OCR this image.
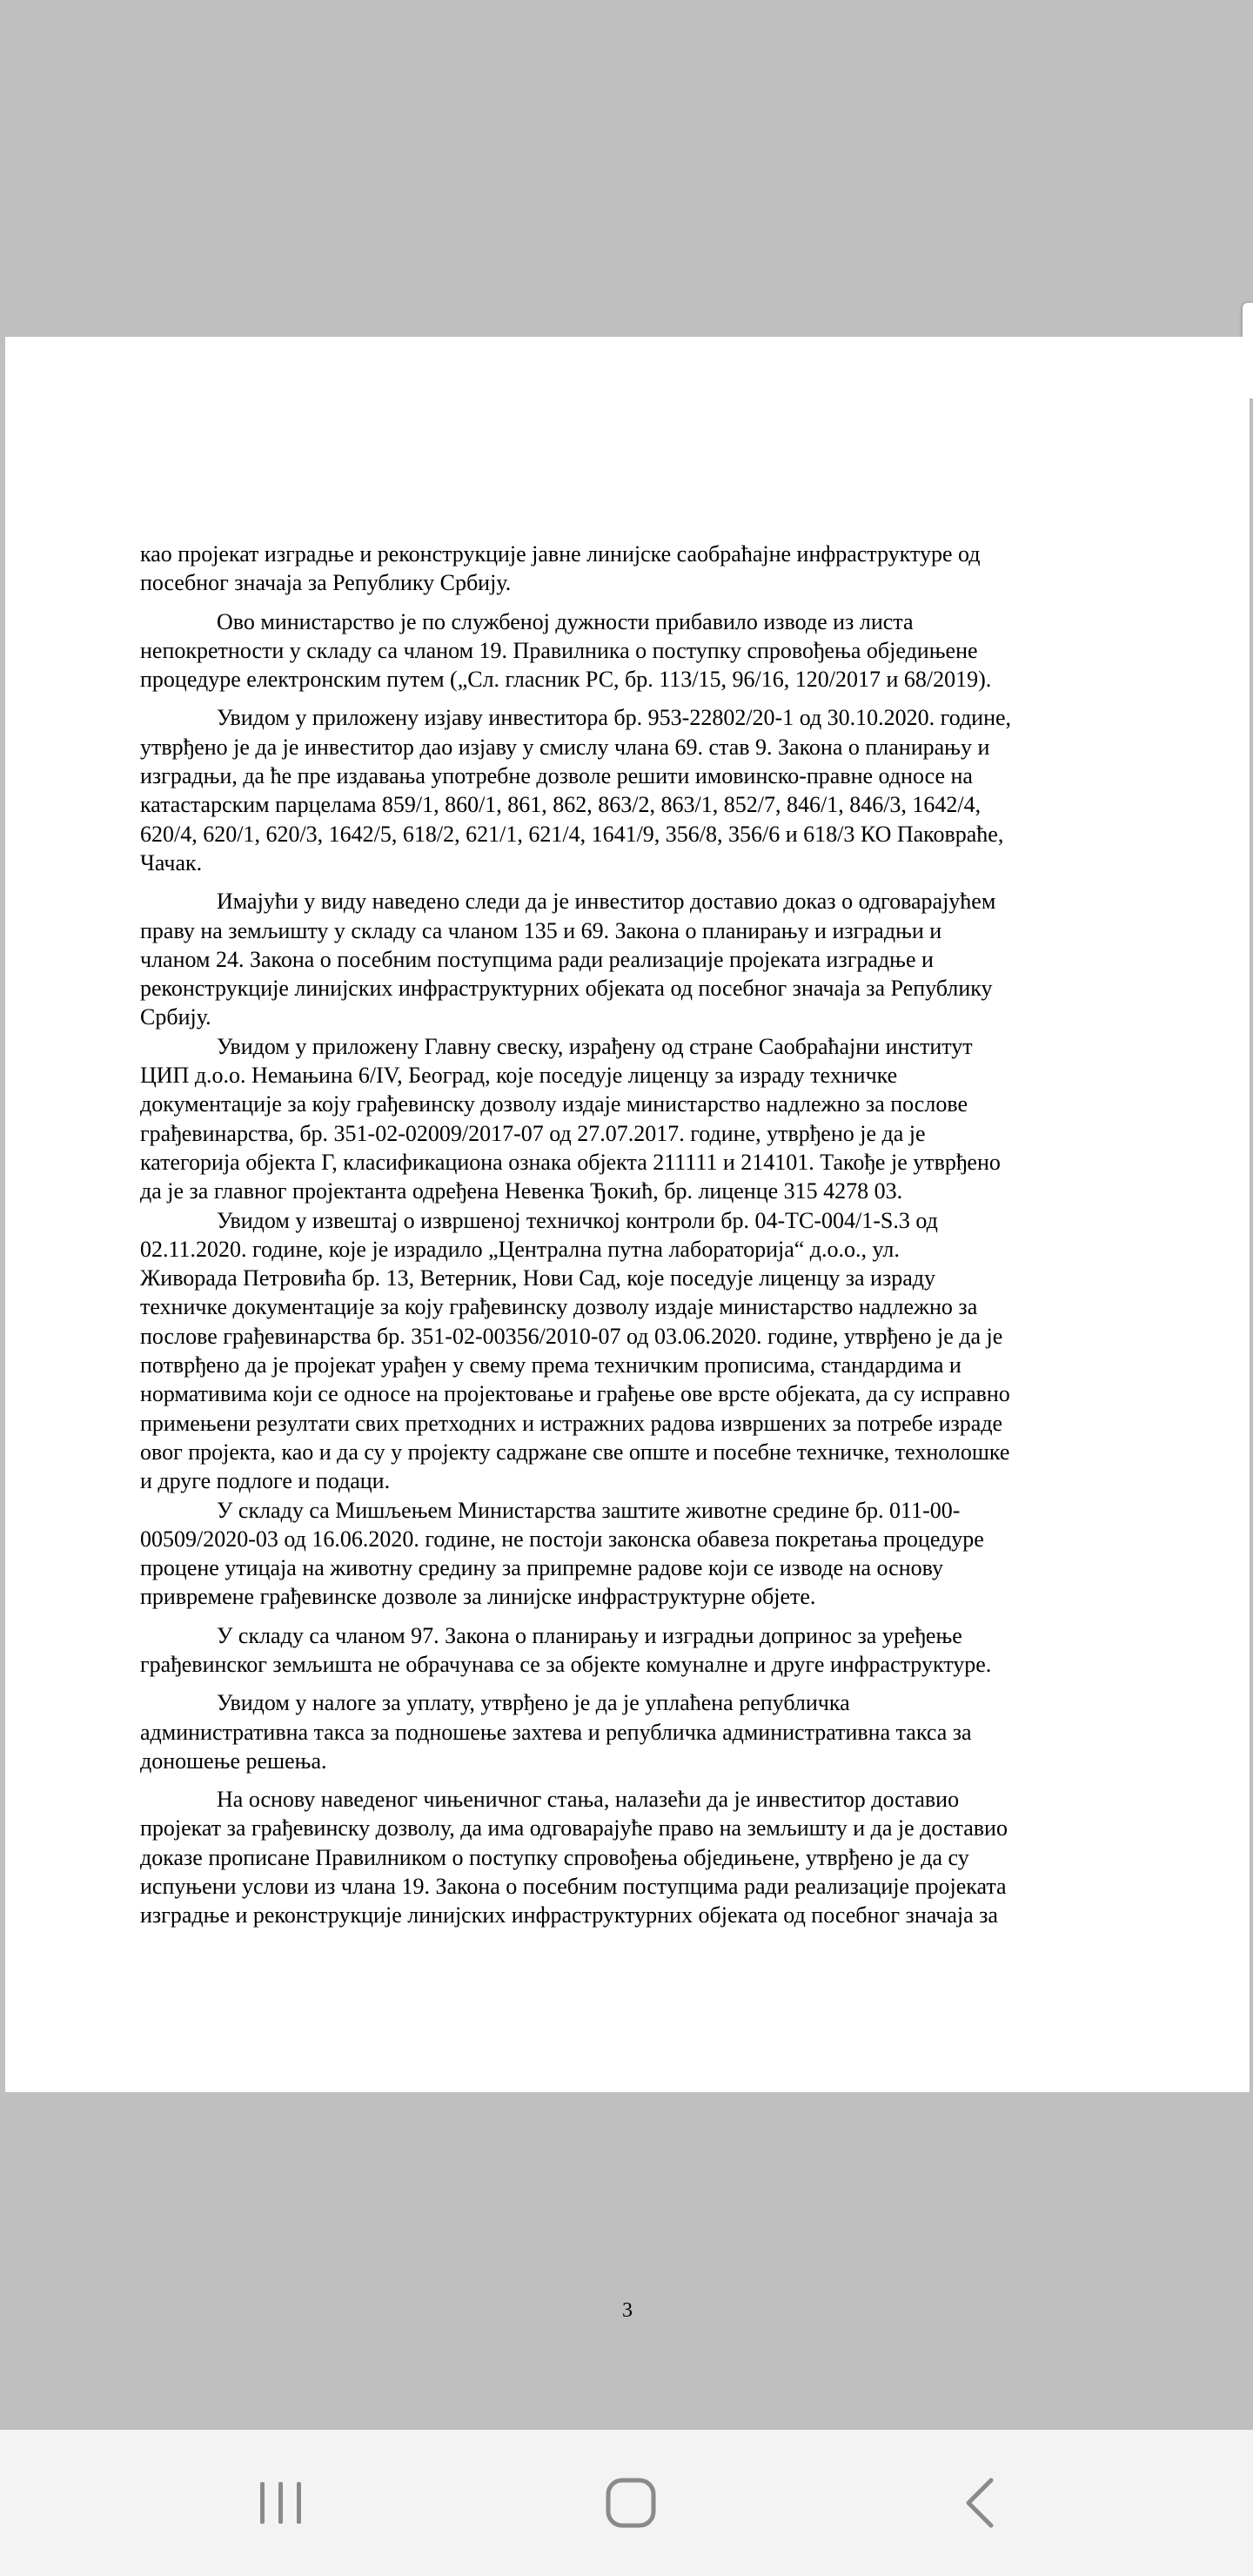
3

као пројекат изградње и реконструкције јавне линијске саобраћајне инфраструктуре од
посебног значаја за Републику Србију.

Ово министарство је по службеној дужности прибавило изводе из листа
непокретности у складу са чланом 19. Правилника о поступку спровођења обједињене
процедуре електронским путем („Сл. гласник РС, бр. 113/15, 96/16, 120/2017 и 68/2019).

Увидом у приложену изјаву инвеститора бр. 953-22802/20-1 од 30.10.2020. године,
утврђено је да је инвеститор дао изјаву у смислу члана 69. став 9. Закона о планирању и
изградњи, да ће пре издавања употребне дозволе решити имовинско-правне односе на
катастарским парцелама 859/1, 860/1, 861, 862, 863/2, 863/1, 852/7, 846/1, 846/3, 1642/4,
620/4, 620/1, 620/3, 1642/5, 618/2, 621/1, 621/4, 1641/9, 356/8, 356/6 и 618/3 КО Паковраће,
Чачак.

Имајући у виду наведено следи да је инвеститор доставио доказ о одговарајућем
праву на земљишту у складу са чланом 135 и 69. Закона о планирању и изградњи и
чланом 24. Закона о посебним поступцима ради реализације пројеката изградње и
реконструкције линијских инфраструктурних објеката од посебног значаја за Републику
Србију.

Увидом у приложену Главну свеску, израђену од стране Саобраћајни институт
ЦИП д.о.о. Немањина 6/IV, Београд, које поседује лиценцу за израду техничке
документације за коју грађевинску дозволу издаје министарство надлежно за послове
грађевинарства, бр. 351-02-02009/2017-07 од 27.07.2017. године, утврђено је да је
категорија објекта Г, класификациона ознака објекта 211111 и 214101. Такође је утврђено
да је за главног пројектанта одређена Невенка Ђокић, бр. лиценце 315 4278 03.

Увидом у извештај о извршеној техничкој контроли бр. 04-ТС-004/1-S.3 од
02.11.2020. године, које је израдило „Централна путна лабораторија“ д.о.о., ул.
Живорада Петровића бр. 13, Ветерник, Нови Сад, које поседује лиценцу за израду
техничке документације за коју грађевинску дозволу издаје министарство надлежно за
послове грађевинарства бр. 351-02-00356/2010-07 од 03.06.2020. године, утврђено је да је
потврђено да је пројекат урађен у свему према техничким прописима, стандардима и
нормативима који се односе на пројектовање и грађење ове врсте објеката, да су исправно
примењени резултати свих претходних и истражних радова извршених за потребе израде
овог пројекта, као и да су у пројекту садржане све опште и посебне техничке, технолошке
и друге подлоге и подаци.

У складу са Мишљењем Министарства заштите животне средине бр. 011-00-
00509/2020-03 од 16.06.2020. године, не постоји законска обавеза покретања процедуре
процене утицаја на животну средину за припремне радове који се изводе на основу
привремене грађевинске дозволе за линијске инфраструктурне објете.

У складу са чланом 97. Закона о планирању и изградњи допринос за уређење
грађевинског земљишта не обрачунава се за објекте комуналне и друге инфраструктуре.

Увидом у налоге за уплату, утврђено је да је уплаћена републичка
административна такса за подношење захтева и републичка административна такса за
доношење решења.

На основу наведеног чињеничног стања, налазећи да је инвеститор доставио
пројекат за грађевинску дозволу, да има одговарајуће право на земљишту и да је доставио
доказе прописане Правилником о поступку спровођења обједињене, утврђено је да су
испуњени услови из члана 19. Закона о посебним поступцима ради реализације пројеката
изградње и реконструкције линијских инфраструктурних објеката од посебног значаја за
